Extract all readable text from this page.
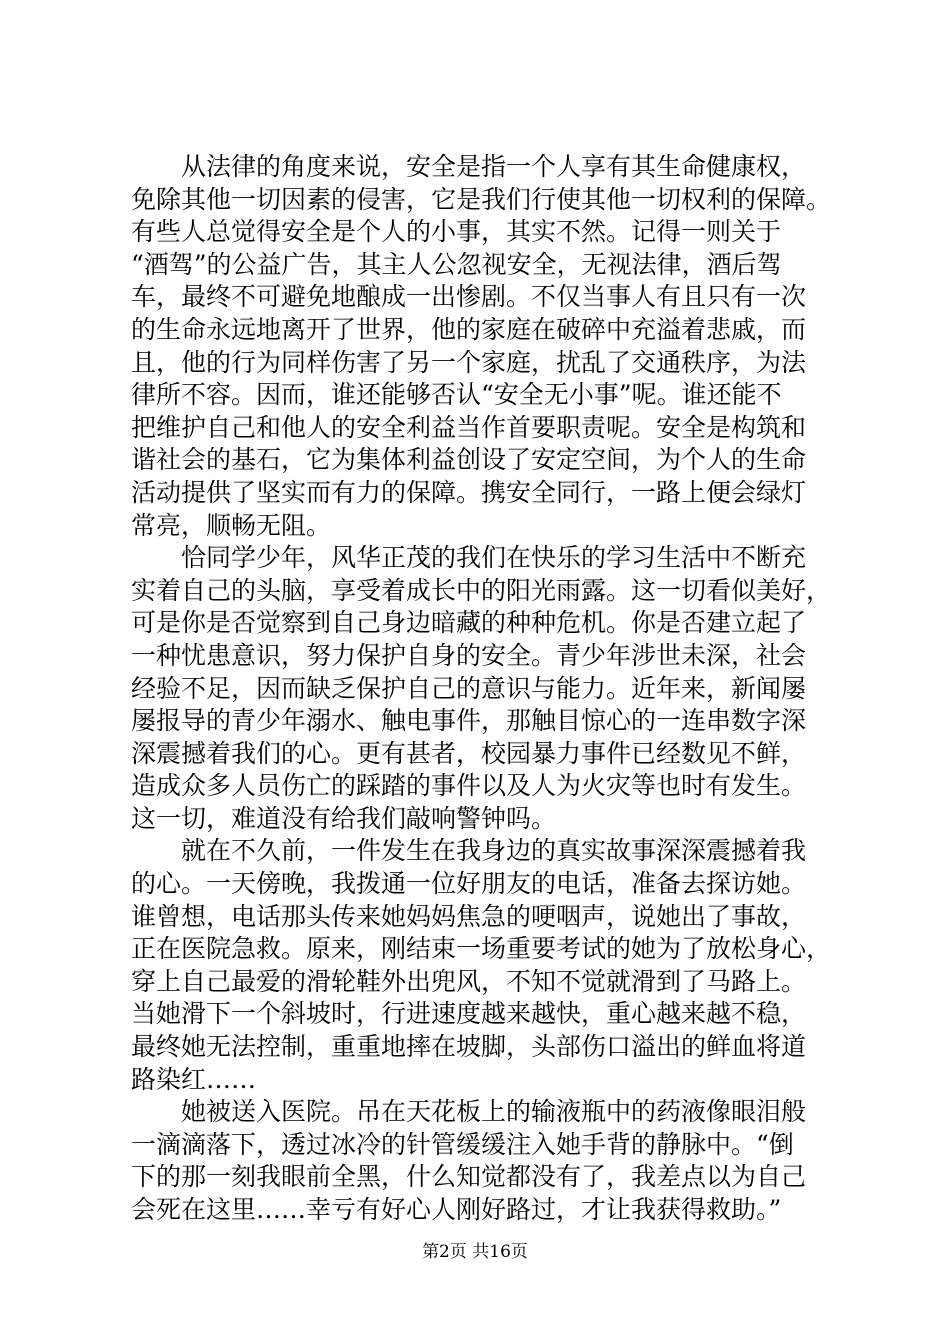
从法律的角度来说，安全是指一个人享有其生命健康权，
免除其他一切因素的侵害，它是我们行使其他一切权利的保障。
有些人总觉得安全是个人的小事，其实不然。记得一则关于
“酒驾”的公益广告，其主人公忽视安全，无视法律，酒后驾
车，最终不可避免地酿成一出惨剧。不仅当事人有且只有一次
的生命永远地离开了世界，他的家庭在破碎中充溢着悲戚，而
且，他的行为同样伤害了另一个家庭，扰乱了交通秩序，为法
律所不容。因而，谁还能够否认“安全无小事”呢。谁还能不
把维护自己和他人的安全利益当作首要职责呢。安全是构筑和
谐社会的基石，它为集体利益创设了安定空间，为个人的生命
活动提供了坚实而有力的保障。携安全同行，一路上便会绿灯
常亮，顺畅无阻。
恰同学少年，风华正茂的我们在快乐的学习生活中不断充
实着自己的头脑，享受着成长中的阳光雨露。这一切看似美好，
可是你是否觉察到自己身边暗藏的种种危机。你是否建立起了
一种忧患意识，努力保护自身的安全。青少年涉世未深，社会
经验不足，因而缺乏保护自己的意识与能力。近年来，新闻屡
屡报导的青少年溺水、触电事件，那触目惊心的一连串数字深
深震撼着我们的心。更有甚者，校园暴力事件已经数见不鲜，
造成众多人员伤亡的踩踏的事件以及人为火灾等也时有发生。
这一切，难道没有给我们敲响警钟吗。
就在不久前，一件发生在我身边的真实故事深深震撼着我
的心。一天傍晚，我拨通一位好朋友的电话，准备去探访她。
谁曾想，电话那头传来她妈妈焦急的哽咽声，说她出了事故，
正在医院急救。原来，刚结束一场重要考试的她为了放松身心，
穿上自己最爱的滑轮鞋外出兜风，不知不觉就滑到了马路上。
当她滑下一个斜坡时，行进速度越来越快，重心越来越不稳，
最终她无法控制，重重地摔在坡脚，头部伤口溢出的鲜血将道
路染红……
她被送入医院。吊在天花板上的输液瓶中的药液像眼泪般
一滴滴落下，透过冰冷的针管缓缓注入她手背的静脉中。“倒
下的那一刻我眼前全黑，什么知觉都没有了，我差点以为自己
会死在这里……幸亏有好心人刚好路过，才让我获得救助。”
第2页 共16页
